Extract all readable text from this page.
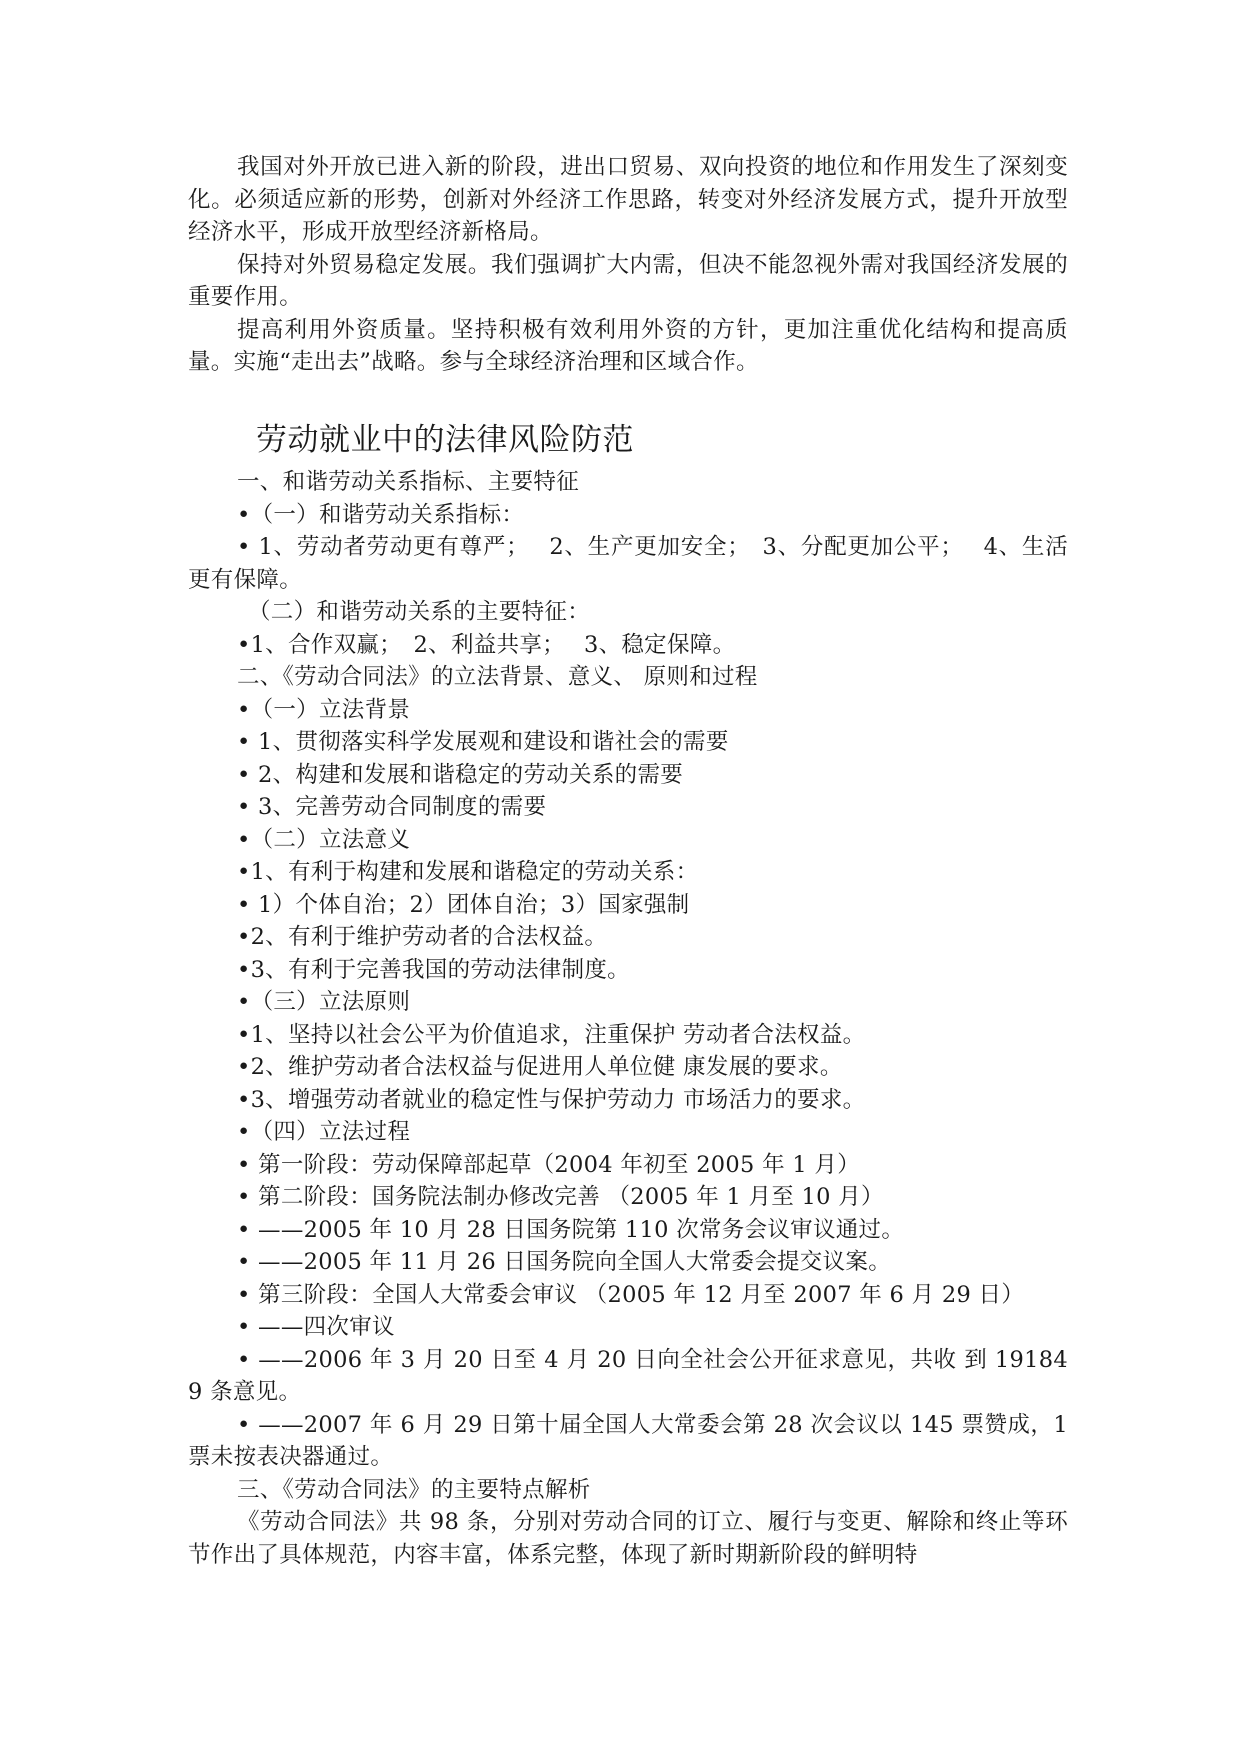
我国对外开放已进入新的阶段，进出口贸易、双向投资的地位和作用发生了深刻变化。必须适应新的形势，创新对外经济工作思路，转变对外经济发展方式，提升开放型经济水平，形成开放型经济新格局。

保持对外贸易稳定发展。我们强调扩大内需，但决不能忽视外需对我国经济发展的重要作用。

提高利用外资质量。坚持积极有效利用外资的方针，更加注重优化结构和提高质量。实施“走出去”战略。参与全球经济治理和区域合作。

劳动就业中的法律风险防范

一、和谐劳动关系指标、主要特征

•（一）和谐劳动关系指标：

• 1、劳动者劳动更有尊严；　 2、生产更加安全；　3、分配更加公平；　 4、生活更有保障。

（二）和谐劳动关系的主要特征：

•1、合作双赢；　2、利益共享；　 3、稳定保障。

二、《劳动合同法》的立法背景、意义、 原则和过程

•（一）立法背景

• 1、贯彻落实科学发展观和建设和谐社会的需要

• 2、构建和发展和谐稳定的劳动关系的需要

• 3、完善劳动合同制度的需要

•（二）立法意义

•1、有利于构建和发展和谐稳定的劳动关系：

• 1）个体自治；2）团体自治；3）国家强制

•2、有利于维护劳动者的合法权益。

•3、有利于完善我国的劳动法律制度。

•（三）立法原则

•1、坚持以社会公平为价值追求，注重保护 劳动者合法权益。

•2、维护劳动者合法权益与促进用人单位健 康发展的要求。

•3、增强劳动者就业的稳定性与保护劳动力 市场活力的要求。

•（四）立法过程

• 第一阶段：劳动保障部起草（2004 年初至 2005 年 1 月）

• 第二阶段：国务院法制办修改完善 （2005 年 1 月至 10 月）

• ——2005 年 10 月 28 日国务院第 110 次常务会议审议通过。

• ——2005 年 11 月 26 日国务院向全国人大常委会提交议案。

• 第三阶段：全国人大常委会审议 （2005 年 12 月至 2007 年 6 月 29 日）

• ——四次审议

• ——2006 年 3 月 20 日至 4 月 20 日向全社会公开征求意见，共收 到 191849 条意见。

• ——2007 年 6 月 29 日第十届全国人大常委会第 28 次会议以 145 票赞成，1 票未按表决器通过。

三、《劳动合同法》的主要特点解析

《劳动合同法》共 98 条，分别对劳动合同的订立、履行与变更、解除和终止等环节作出了具体规范，内容丰富，体系完整，体现了新时期新阶段的鲜明特
